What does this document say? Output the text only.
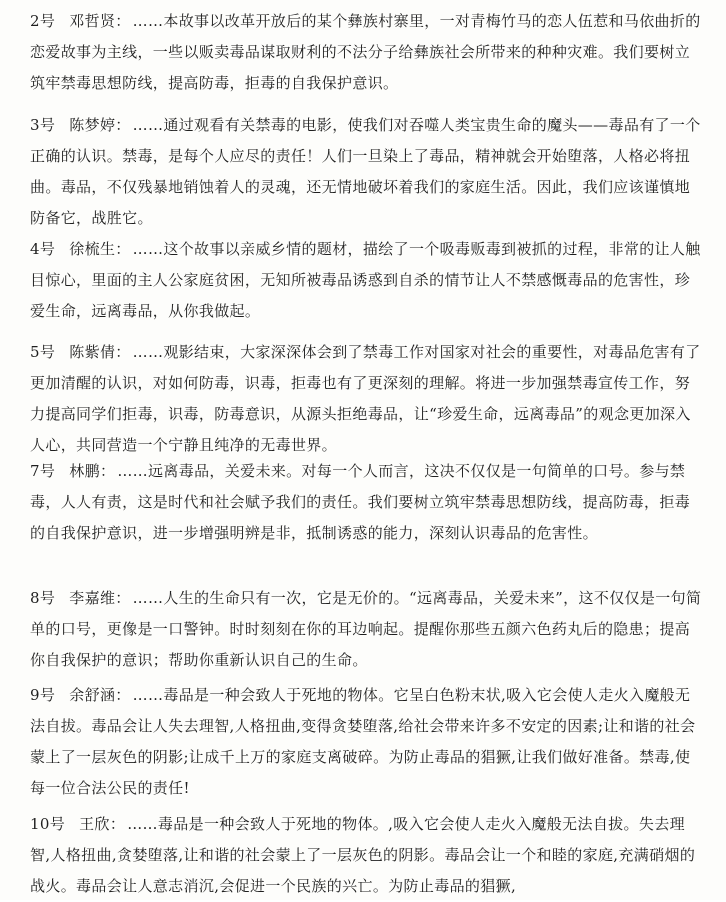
2号 邓哲贤： ……本故事以改革开放后的某个彝族村寨里，一对青梅竹马的恋人伍惹和马依曲折的恋爱故事为主线，一些以贩卖毒品谋取财利的不法分子给彝族社会所带来的种种灾难。我们要树立筑牢禁毒思想防线，提高防毒，拒毒的自我保护意识。

3号 陈梦婷： ……通过观看有关禁毒的电影，使我们对吞噬人类宝贵生命的魔头——毒品有了一个正确的认识。禁毒，是每个人应尽的责任！人们一旦染上了毒品，精神就会开始堕落，人格必将扭曲。毒品，不仅残暴地销蚀着人的灵魂，还无情地破坏着我们的家庭生活。因此，我们应该谨慎地防备它，战胜它。

4号 徐梳生： ……这个故事以亲威乡情的题材，描绘了一个吸毒贩毒到被抓的过程，非常的让人触目惊心，里面的主人公家庭贫困，无知所被毒品诱惑到自杀的情节让人不禁感慨毒品的危害性，珍爱生命，远离毒品，从你我做起。

5号 陈紫倩： ……观影结束，大家深深体会到了禁毒工作对国家对社会的重要性，对毒品危害有了更加清醒的认识，对如何防毒，识毒，拒毒也有了更深刻的理解。将进一步加强禁毒宣传工作，努力提高同学们拒毒，识毒，防毒意识，从源头拒绝毒品，让“珍爱生命，远离毒品”的观念更加深入人心，共同营造一个宁静且纯净的无毒世界。

7号 林鹏： ……远离毒品，关爱未来。对每一个人而言，这决不仅仅是一句简单的口号。参与禁毒，人人有责，这是时代和社会赋予我们的责任。我们要树立筑牢禁毒思想防线，提高防毒，拒毒的自我保护意识，进一步增强明辨是非，抵制诱惑的能力，深刻认识毒品的危害性。

8号 李嘉维： ……人生的生命只有一次，它是无价的。“远离毒品，关爱未来”，这不仅仅是一句简单的口号，更像是一口警钟。时时刻刻在你的耳边响起。提醒你那些五颜六色药丸后的隐患；提高你自我保护的意识；帮助你重新认识自己的生命。

9号 余舒涵： ……毒品是一种会致人于死地的物体。它呈白色粉末状,吸入它会使人走火入魔般无法自拔。毒品会让人失去理智,人格扭曲,变得贪婪堕落,给社会带来许多不安定的因素;让和谐的社会蒙上了一层灰色的阴影;让成千上万的家庭支离破碎。为防止毒品的猖獗,让我们做好准备。禁毒,使每一位合法公民的责任!

10号 王欣： ……毒品是一种会致人于死地的物体。,吸入它会使人走火入魔般无法自拔。失去理智,人格扭曲,贪婪堕落,让和谐的社会蒙上了一层灰色的阴影。毒品会让一个和睦的家庭,充满硝烟的战火。毒品会让人意志消沉,会促进一个民族的兴亡。为防止毒品的猖獗,
